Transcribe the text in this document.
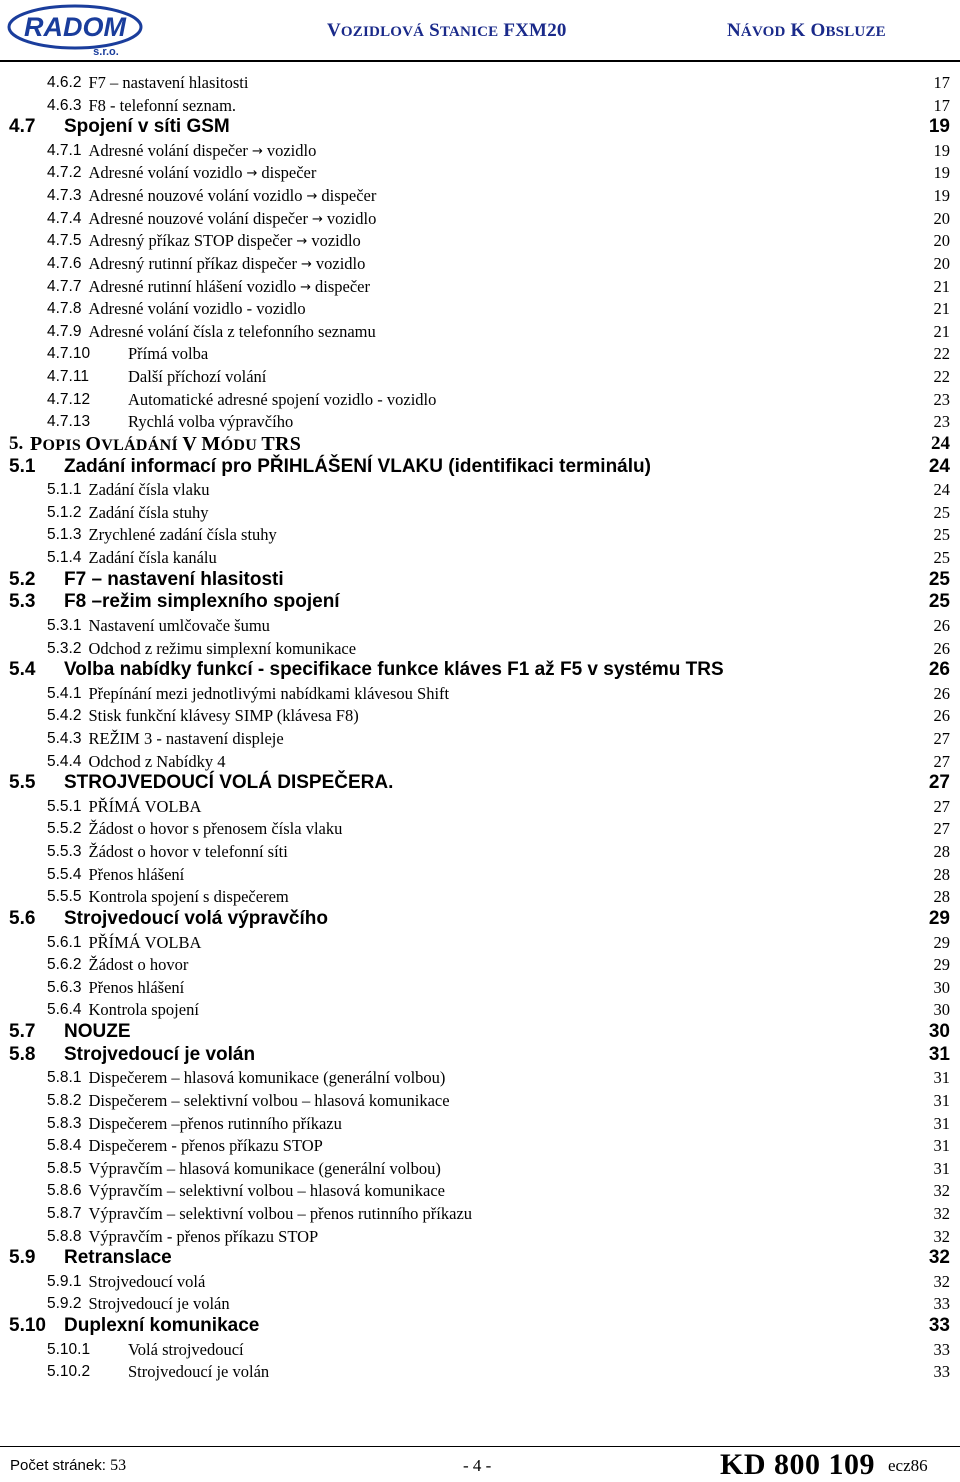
RADOM
s.r.o.
VOZIDLOVÁ STANICE FXM20	NÁVOD K OBSLUZE
4.6.2 F7 – nastavení hlasitosti	17
4.6.3 F8 - telefonní seznam.	17
4.7 Spojení v síti GSM	19
4.7.1 Adresné volání dispečer → vozidlo	19
4.7.2 Adresné volání vozidlo → dispečer	19
4.7.3 Adresné nouzové volání vozidlo → dispečer	19
4.7.4 Adresné nouzové volání dispečer → vozidlo	20
4.7.5 Adresný příkaz STOP dispečer → vozidlo	20
4.7.6 Adresný rutinní příkaz dispečer → vozidlo	20
4.7.7 Adresné rutinní hlášení vozidlo → dispečer	21
4.7.8 Adresné volání vozidlo - vozidlo	21
4.7.9 Adresné volání čísla z telefonního seznamu	21
4.7.10 Přímá volba	22
4.7.11 Další příchozí volání	22
4.7.12 Automatické adresné spojení vozidlo - vozidlo	23
4.7.13 Rychlá volba výpravčího	23
5. POPIS OVLÁDÁNÍ V MÓDU TRS	24
5.1 Zadání informací pro PŘIHLÁŠENÍ VLAKU (identifikaci terminálu)	24
5.1.1 Zadání čísla vlaku	24
5.1.2 Zadání čísla stuhy	25
5.1.3 Zrychlené zadání čísla stuhy	25
5.1.4 Zadání čísla kanálu	25
5.2 F7 – nastavení hlasitosti	25
5.3 F8 –režim simplexního spojení	25
5.3.1 Nastavení umlčovače šumu	26
5.3.2 Odchod z režimu simplexní komunikace	26
5.4 Volba nabídky funkcí - specifikace funkce kláves F1 až F5 v systému TRS	26
5.4.1 Přepínání mezi jednotlivými nabídkami klávesou Shift	26
5.4.2 Stisk funkční klávesy SIMP (klávesa F8)	26
5.4.3 REŽIM 3 - nastavení displeje	27
5.4.4 Odchod z Nabídky 4	27
5.5 STROJVEDOUCÍ VOLÁ DISPEČERA.	27
5.5.1 PŘÍMÁ VOLBA	27
5.5.2 Žádost o hovor s přenosem čísla vlaku	27
5.5.3 Žádost o hovor v telefonní síti	28
5.5.4 Přenos hlášení	28
5.5.5 Kontrola spojení s dispečerem	28
5.6 Strojvedoucí volá výpravčího	29
5.6.1 PŘÍMÁ VOLBA	29
5.6.2 Žádost o hovor	29
5.6.3 Přenos hlášení	30
5.6.4 Kontrola spojení	30
5.7 NOUZE	30
5.8 Strojvedoucí je volán	31
5.8.1 Dispečerem – hlasová komunikace (generální volbou)	31
5.8.2 Dispečerem – selektivní volbou – hlasová komunikace	31
5.8.3 Dispečerem –přenos rutinního příkazu	31
5.8.4 Dispečerem - přenos příkazu STOP	31
5.8.5 Výpravčím – hlasová komunikace (generální volbou)	31
5.8.6 Výpravčím – selektivní volbou – hlasová komunikace	32
5.8.7 Výpravčím – selektivní volbou – přenos rutinního příkazu	32
5.8.8 Výpravčím - přenos příkazu STOP	32
5.9 Retranslace	32
5.9.1 Strojvedoucí volá	32
5.9.2 Strojvedoucí je volán	33
5.10 Duplexní komunikace	33
5.10.1 Volá strojvedoucí	33
5.10.2 Strojvedoucí je volán	33
Počet stránek: 53	- 4 -	KD 800 109 ecz86
